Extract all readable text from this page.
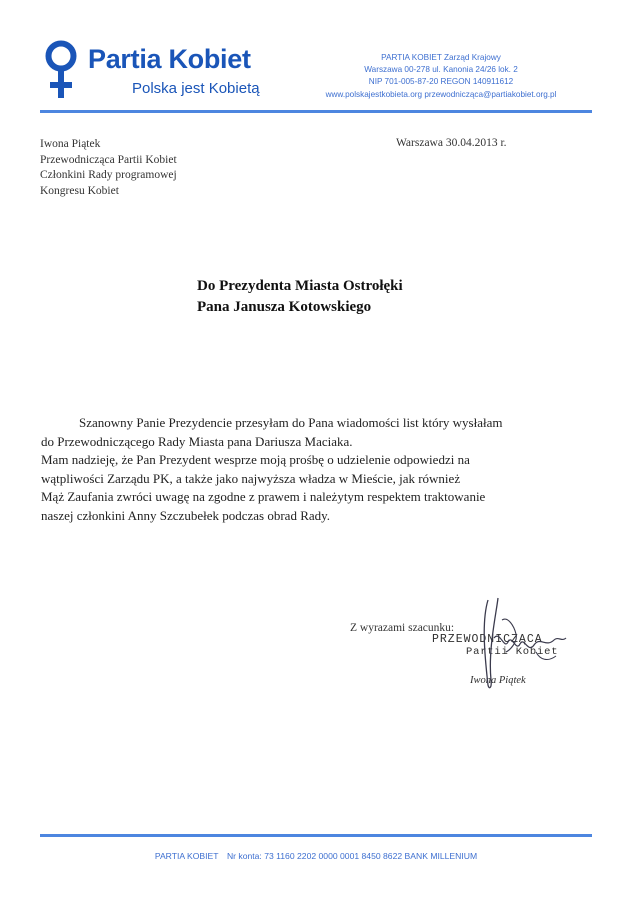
Partia Kobiet
Polska jest Kobietą
PARTIA KOBIET Zarząd Krajowy
Warszawa 00-278 ul. Kanonia 24/26 lok. 2
NIP 701-005-87-20 REGON 140911612
www.polskajestkobieta.org przewodnicząca@partiakobiet.org.pl
Iwona Piątek
Przewodnicząca Partii Kobiet
Członkini Rady programowej
Kongresu Kobiet
Warszawa 30.04.2013 r.
Do Prezydenta Miasta Ostrołęki
Pana Janusza Kotowskiego
Szanowny Panie Prezydencie przesyłam do Pana wiadomości list który wysłałam
do Przewodniczącego Rady Miasta pana Dariusza Maciaka.
Mam nadzieję, że Pan Prezydent wesprze moją prośbę o udzielenie odpowiedzi na
wątpliwości Zarządu PK, a także jako najwyższa władza w Mieście, jak również
Mąż Zaufania zwróci uwagę na zgodne z prawem i należytym respektem traktowanie
naszej członkini Anny Szczubełek podczas obrad Rady.
Z wyrazami szacunku:
PRZEWODNICZĄCA
Partii Kobiet
Iwona Piątek
PARTIA KOBIET Nr konta: 73 1160 2202 0000 0001 8450 8622 BANK MILLENIUM
